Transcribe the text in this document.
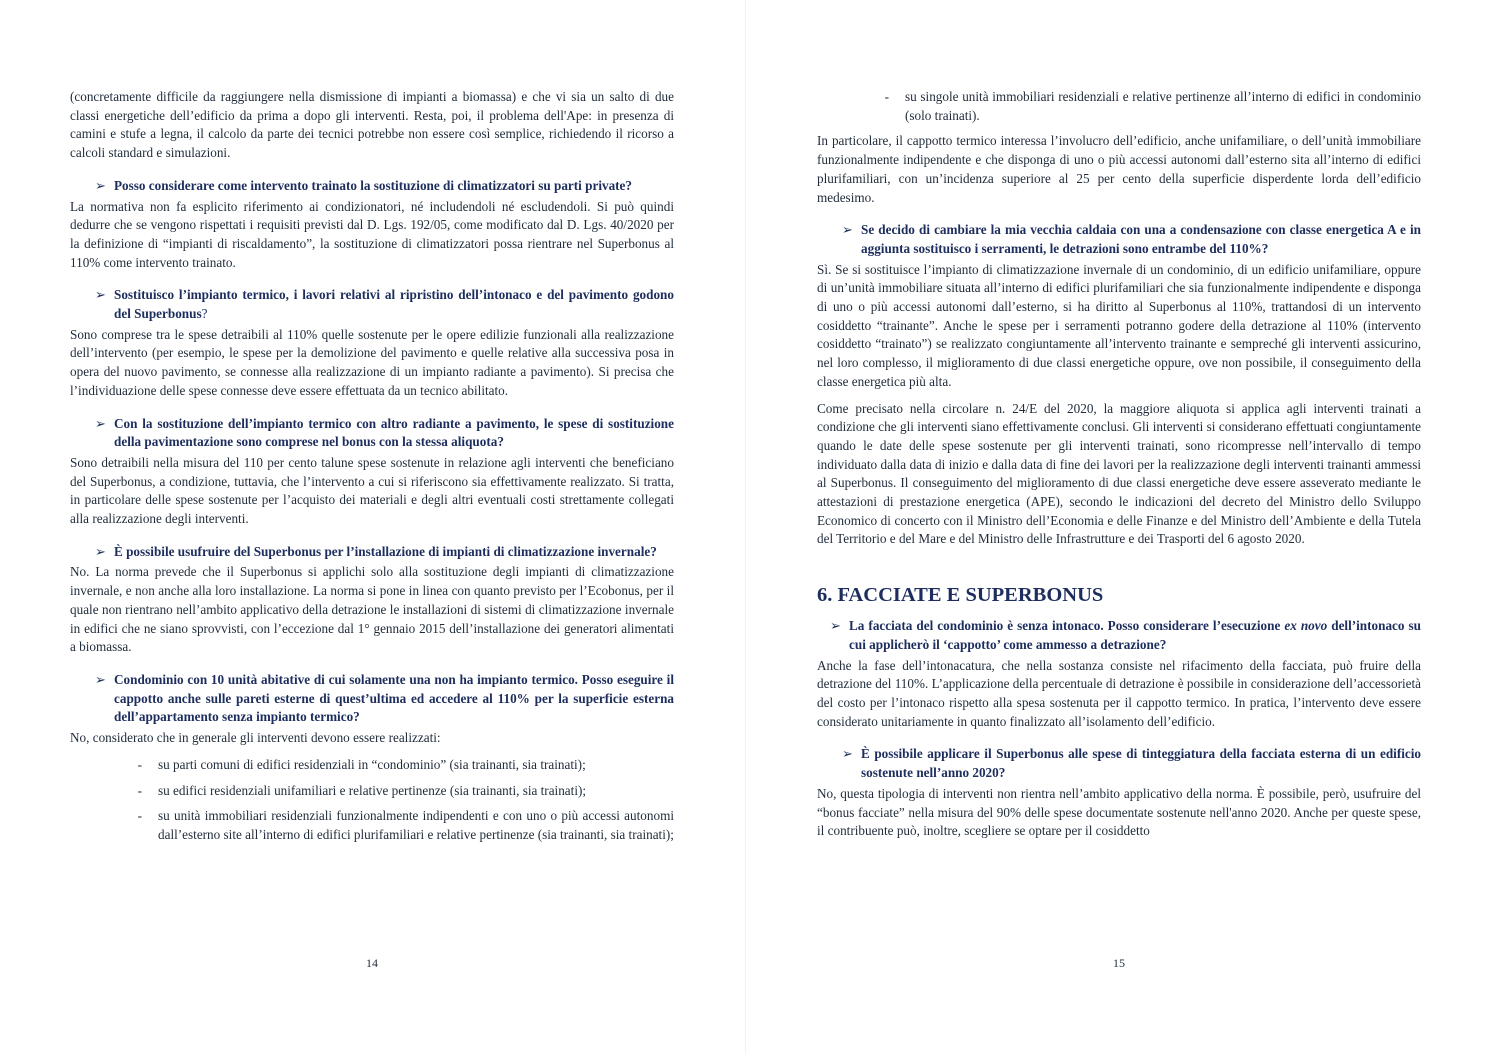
(concretamente difficile da raggiungere nella dismissione di impianti a biomassa) e che vi sia un salto di due classi energetiche dell’edificio da prima a dopo gli interventi. Resta, poi, il problema dell'Ape: in presenza di camini e stufe a legna, il calcolo da parte dei tecnici potrebbe non essere così semplice, richiedendo il ricorso a calcoli standard e simulazioni.

➢ Posso considerare come intervento trainato la sostituzione di climatizzatori su parti private?

La normativa non fa esplicito riferimento ai condizionatori, né includendoli né escludendoli. Si può quindi dedurre che se vengono rispettati i requisiti previsti dal D. Lgs. 192/05, come modificato dal D. Lgs. 40/2020 per la definizione di “impianti di riscaldamento”, la sostituzione di climatizzatori possa rientrare nel Superbonus al 110% come intervento trainato.

➢ Sostituisco l’impianto termico, i lavori relativi al ripristino dell’intonaco e del pavimento godono del Superbonus?

Sono comprese tra le spese detraibili al 110% quelle sostenute per le opere edilizie funzionali alla realizzazione dell’intervento (per esempio, le spese per la demolizione del pavimento e quelle relative alla successiva posa in opera del nuovo pavimento, se connesse alla realizzazione di un impianto radiante a pavimento). Si precisa che l’individuazione delle spese connesse deve essere effettuata da un tecnico abilitato.

➢ Con la sostituzione dell’impianto termico con altro radiante a pavimento, le spese di sostituzione della pavimentazione sono comprese nel bonus con la stessa aliquota?

Sono detraibili nella misura del 110 per cento talune spese sostenute in relazione agli interventi che beneficiano del Superbonus, a condizione, tuttavia, che l’intervento a cui si riferiscono sia effettivamente realizzato. Si tratta, in particolare delle spese sostenute per l’acquisto dei materiali e degli altri eventuali costi strettamente collegati alla realizzazione degli interventi.

➢ È possibile usufruire del Superbonus per l’installazione di impianti di climatizzazione invernale?

No. La norma prevede che il Superbonus si applichi solo alla sostituzione degli impianti di climatizzazione invernale, e non anche alla loro installazione. La norma si pone in linea con quanto previsto per l’Ecobonus, per il quale non rientrano nell’ambito applicativo della detrazione le installazioni di sistemi di climatizzazione invernale in edifici che ne siano sprovvisti, con l’eccezione dal 1° gennaio 2015 dell’installazione dei generatori alimentati a biomassa.

➢ Condominio con 10 unità abitative di cui solamente una non ha impianto termico. Posso eseguire il cappotto anche sulle pareti esterne di quest’ultima ed accedere al 110% per la superficie esterna dell’appartamento senza impianto termico?

No, considerato che in generale gli interventi devono essere realizzati:

-	su parti comuni di edifici residenziali in “condominio” (sia trainanti, sia trainati);
-	su edifici residenziali unifamiliari e relative pertinenze (sia trainanti, sia trainati);
-	su unità immobiliari residenziali funzionalmente indipendenti e con uno o più accessi autonomi dall’esterno site all’interno di edifici plurifamiliari e relative pertinenze (sia trainanti, sia trainati);
14
-	su singole unità immobiliari residenziali e relative pertinenze all’interno di edifici in condominio (solo trainati).

In particolare, il cappotto termico interessa l’involucro dell’edificio, anche unifamiliare, o dell’unità immobiliare funzionalmente indipendente e che disponga di uno o più accessi autonomi dall’esterno sita all’interno di edifici plurifamiliari, con un’incidenza superiore al 25 per cento della superficie disperdente lorda dell’edificio medesimo.

➢ Se decido di cambiare la mia vecchia caldaia con una a condensazione con classe energetica A e in aggiunta sostituisco i serramenti, le detrazioni sono entrambe del 110%?

Sì. Se si sostituisce l’impianto di climatizzazione invernale di un condominio, di un edificio unifamiliare, oppure di un’unità immobiliare situata all’interno di edifici plurifamiliari che sia funzionalmente indipendente e disponga di uno o più accessi autonomi dall’esterno, si ha diritto al Superbonus al 110%, trattandosi di un intervento cosiddetto “trainante”. Anche le spese per i serramenti potranno godere della detrazione al 110% (intervento cosiddetto “trainato”) se realizzato congiuntamente all’intervento trainante e sempreché gli interventi assicurino, nel loro complesso, il miglioramento di due classi energetiche oppure, ove non possibile, il conseguimento della classe energetica più alta.

Come precisato nella circolare n. 24/E del 2020, la maggiore aliquota si applica agli interventi trainati a condizione che gli interventi siano effettivamente conclusi. Gli interventi si considerano effettuati congiuntamente quando le date delle spese sostenute per gli interventi trainati, sono ricompresse nell’intervallo di tempo individuato dalla data di inizio e dalla data di fine dei lavori per la realizzazione degli interventi trainanti ammessi al Superbonus. Il conseguimento del miglioramento di due classi energetiche deve essere asseverato mediante le attestazioni di prestazione energetica (APE), secondo le indicazioni del decreto del Ministro dello Sviluppo Economico di concerto con il Ministro dell’Economia e delle Finanze e del Ministro dell’Ambiente e della Tutela del Territorio e del Mare e del Ministro delle Infrastrutture e dei Trasporti del 6 agosto 2020.

6. FACCIATE E SUPERBONUS
➢ La facciata del condominio è senza intonaco. Posso considerare l’esecuzione ex novo dell’intonaco su cui applicherò il ‘cappotto’ come ammesso a detrazione?

Anche la fase dell’intonacatura, che nella sostanza consiste nel rifacimento della facciata, può fruire della detrazione del 110%. L’applicazione della percentuale di detrazione è possibile in considerazione dell’accessorietà del costo per l’intonaco rispetto alla spesa sostenuta per il cappotto termico. In pratica, l’intervento deve essere considerato unitariamente in quanto finalizzato all’isolamento dell’edificio.

➢ È possibile applicare il Superbonus alle spese di tinteggiatura della facciata esterna di un edificio sostenute nell’anno 2020?

No, questa tipologia di interventi non rientra nell’ambito applicativo della norma. È possibile, però, usufruire del “bonus facciate” nella misura del 90% delle spese documentate sostenute nell'anno 2020. Anche per queste spese, il contribuente può, inoltre, scegliere se optare per il cosiddetto

15
